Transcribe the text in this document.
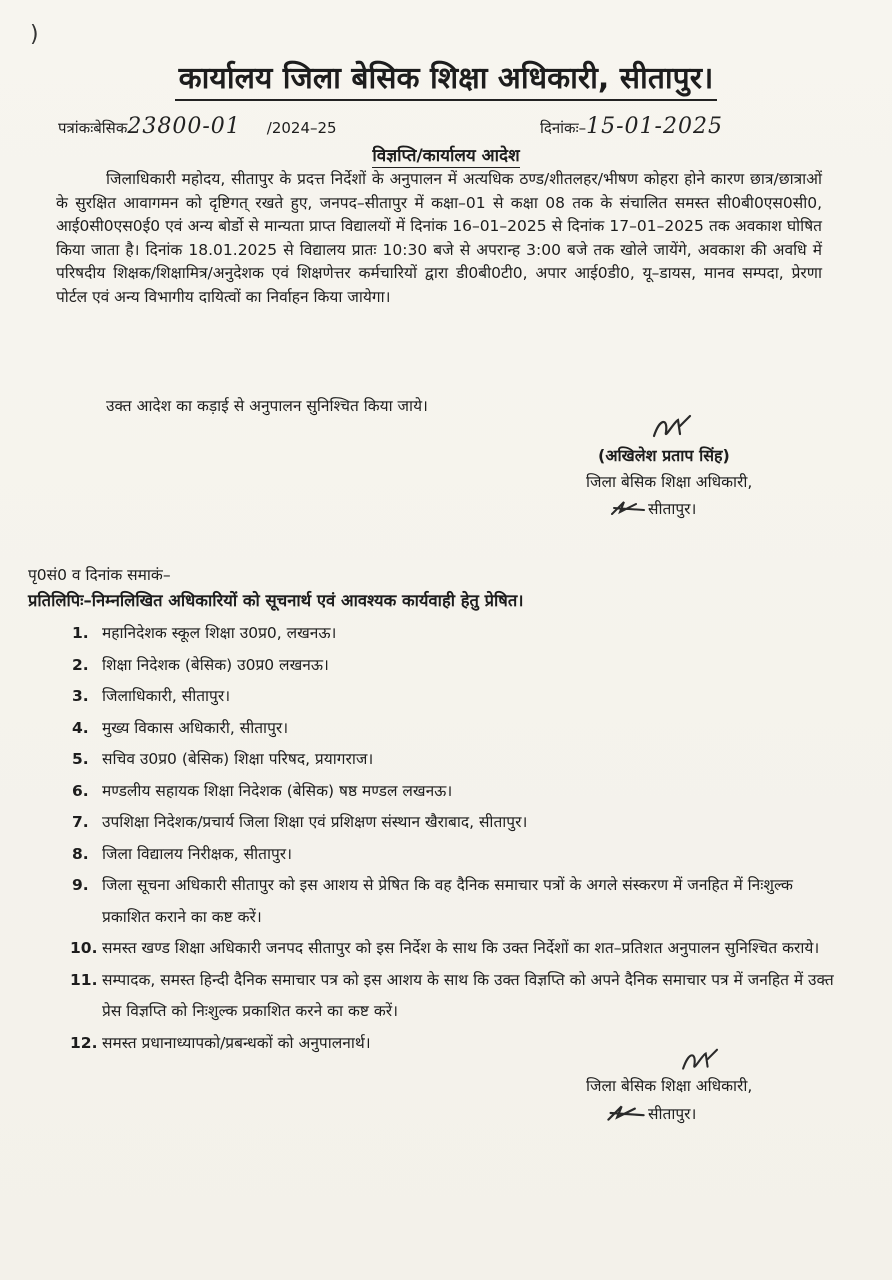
)
कार्यालय जिला बेसिक शिक्षा अधिकारी, सीतापुर।
पत्रांकःबेसिक23800-01 /2024–25	दिनांकः–15-01-2025
विज्ञप्ति/कार्यालय आदेश
जिलाधिकारी महोदय, सीतापुर के प्रदत्त निर्देशों के अनुपालन में अत्यधिक ठण्ड/शीतलहर/भीषण कोहरा होने कारण छात्र/छात्राओं के सुरक्षित आवागमन को दृष्टिगत् रखते हुए, जनपद–सीतापुर में कक्षा–01 से कक्षा 08 तक के संचालित समस्त सी0बी0एस0सी0, आई0सी0एस0ई0 एवं अन्य बोर्डो से मान्यता प्राप्त विद्यालयों में दिनांक 16–01–2025 से दिनांक 17–01–2025 तक अवकाश घोषित किया जाता है। दिनांक 18.01.2025 से विद्यालय प्रातः 10:30 बजे से अपरान्ह 3:00 बजे तक खोले जायेंगे, अवकाश की अवधि में परिषदीय शिक्षक/शिक्षामित्र/अनुदेशक एवं शिक्षणेत्तर कर्मचारियों द्वारा डी0बी0टी0, अपार आई0डी0, यू–डायस, मानव सम्पदा, प्रेरणा पोर्टल एवं अन्य विभागीय दायित्वों का निर्वाहन किया जायेगा।
उक्त आदेश का कड़ाई से अनुपालन सुनिश्चित किया जाये।
(अखिलेश प्रताप सिंह)
जिला बेसिक शिक्षा अधिकारी,
सीतापुर।
पृ0सं0 व दिनांक समाकं–
प्रतिलिपिः–निम्नलिखित अधिकारियों को सूचनार्थ एवं आवश्यक कार्यवाही हेतु प्रेषित।
1. महानिदेशक स्कूल शिक्षा उ0प्र0, लखनऊ।
2. शिक्षा निदेशक (बेसिक) उ0प्र0 लखनऊ।
3. जिलाधिकारी, सीतापुर।
4. मुख्य विकास अधिकारी, सीतापुर।
5. सचिव उ0प्र0 (बेसिक) शिक्षा परिषद, प्रयागराज।
6. मण्डलीय सहायक शिक्षा निदेशक (बेसिक) षष्ठ मण्डल लखनऊ।
7. उपशिक्षा निदेशक/प्रचार्य जिला शिक्षा एवं प्रशिक्षण संस्थान खैराबाद, सीतापुर।
8. जिला विद्यालय निरीक्षक, सीतापुर।
9. जिला सूचना अधिकारी सीतापुर को इस आशय से प्रेषित कि वह दैनिक समाचार पत्रों के अगले संस्करण में जनहित में निःशुल्क प्रकाशित कराने का कष्ट करें।
10. समस्त खण्ड शिक्षा अधिकारी जनपद सीतापुर को इस निर्देश के साथ कि उक्त निर्देशों का शत–प्रतिशत अनुपालन सुनिश्चित कराये।
11. सम्पादक, समस्त हिन्दी दैनिक समाचार पत्र को इस आशय के साथ कि उक्त विज्ञप्ति को अपने दैनिक समाचार पत्र में जनहित में उक्त प्रेस विज्ञप्ति को निःशुल्क प्रकाशित करने का कष्ट करें।
12. समस्त प्रधानाध्यापको/प्रबन्धकों को अनुपालनार्थ।
जिला बेसिक शिक्षा अधिकारी,
सीतापुर।
